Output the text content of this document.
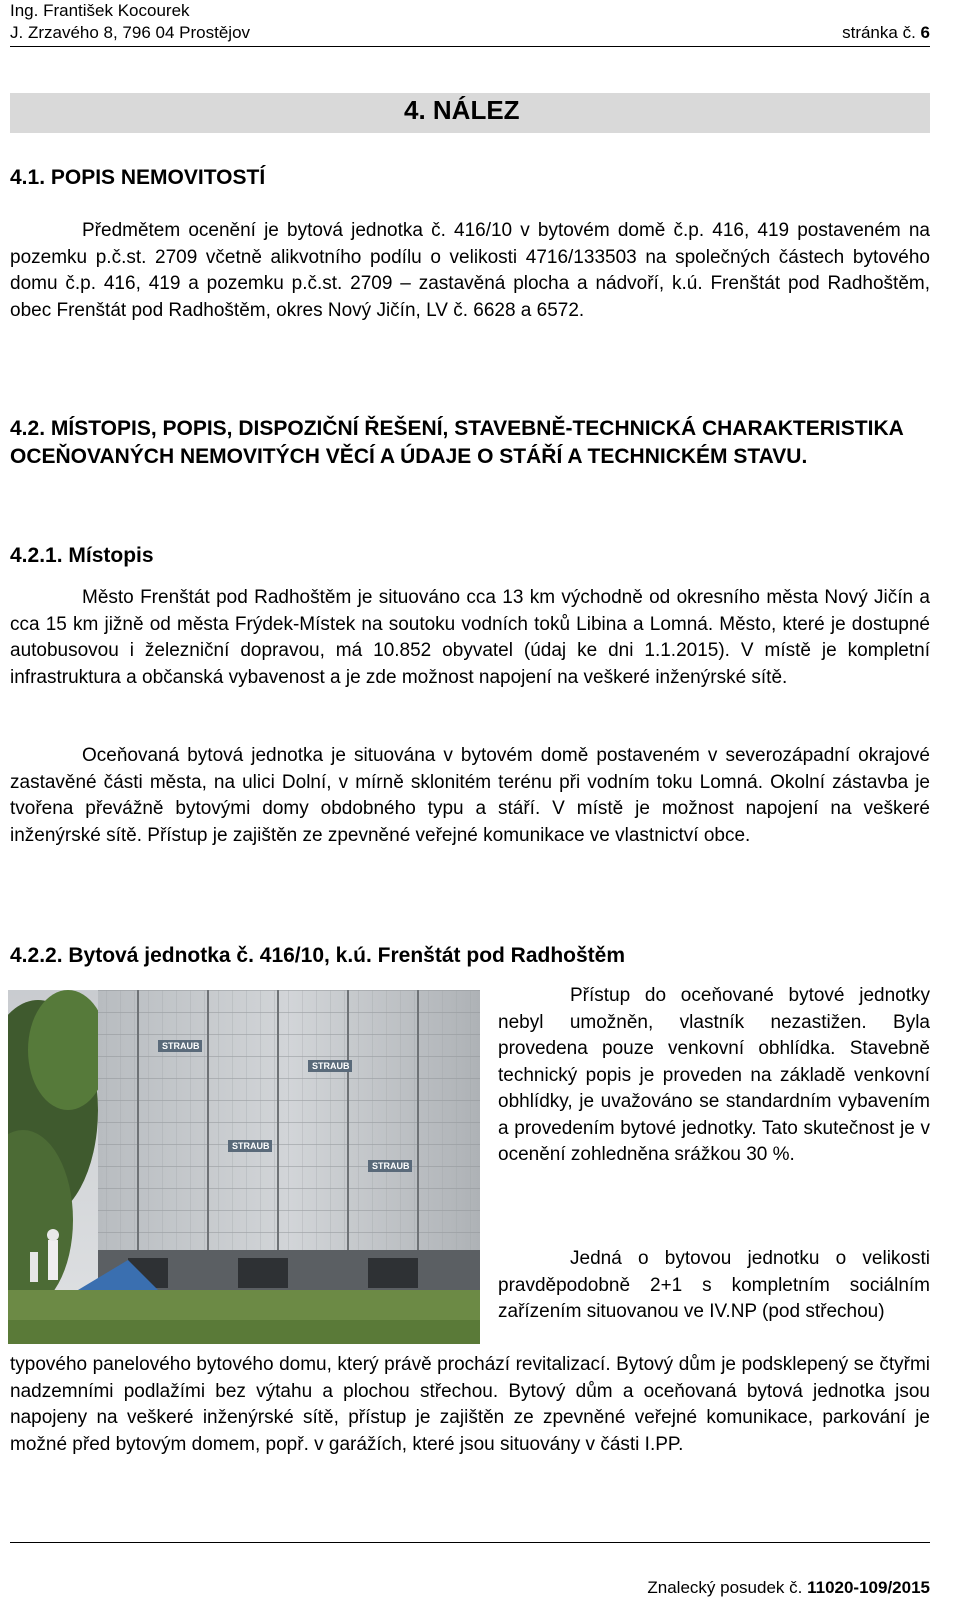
Ing. František Kocourek
J. Zrzavého 8, 796 04 Prostějov	stránka č. 6
4. NÁLEZ
4.1. POPIS NEMOVITOSTÍ
Předmětem ocenění je bytová jednotka č. 416/10 v bytovém domě č.p. 416, 419 postaveném na pozemku p.č.st. 2709 včetně alikvotního podílu o velikosti 4716/133503 na společných částech bytového domu č.p. 416, 419 a pozemku p.č.st. 2709 – zastavěná plocha a nádvoří, k.ú. Frenštát pod Radhoštěm, obec Frenštát pod Radhoštěm, okres Nový Jičín, LV č. 6628 a 6572.
4.2. MÍSTOPIS, POPIS, DISPOZIČNÍ ŘEŠENÍ, STAVEBNĚ-TECHNICKÁ CHARAKTERISTIKA OCEŇOVANÝCH NEMOVITÝCH VĚCÍ A ÚDAJE O STÁŘÍ A TECHNICKÉM STAVU.
4.2.1. Místopis
Město Frenštát pod Radhoštěm je situováno cca 13 km východně od okresního města Nový Jičín a cca 15 km jižně od města Frýdek-Místek na soutoku vodních toků Libina a Lomná. Město, které je dostupné autobusovou i železniční dopravou, má 10.852 obyvatel (údaj ke dni 1.1.2015). V místě je kompletní infrastruktura a občanská vybavenost a je zde možnost napojení na veškeré inženýrské sítě.
Oceňovaná bytová jednotka je situována v bytovém domě postaveném v severozápadní okrajové zastavěné části města, na ulici Dolní, v mírně sklonitém terénu při vodním toku Lomná. Okolní zástavba je tvořena převážně bytovými domy obdobného typu a stáří. V místě je možnost napojení na veškeré inženýrské sítě. Přístup je zajištěn ze zpevněné veřejné komunikace ve vlastnictví obce.
4.2.2. Bytová jednotka č. 416/10, k.ú. Frenštát pod Radhoštěm
STRAUB
STRAUB
STRAUB
STRAUB
Přístup do oceňované bytové jednotky nebyl umožněn, vlastník nezastižen. Byla provedena pouze venkovní obhlídka. Stavebně technický popis je proveden na základě venkovní obhlídky, je uvažováno se standardním vybavením a provedením bytové jednotky. Tato skutečnost je v ocenění zohledněna srážkou 30 %.
Jedná o bytovou jednotku o velikosti pravděpodobně 2+1 s kompletním sociálním zařízením situovanou ve IV.NP (pod střechou)
typového panelového bytového domu, který právě prochází revitalizací. Bytový dům je podsklepený se čtyřmi nadzemními podlažími bez výtahu a plochou střechou. Bytový dům a oceňovaná bytová jednotka jsou napojeny na veškeré inženýrské sítě, přístup je zajištěn ze zpevněné veřejné komunikace, parkování je možné před bytovým domem, popř. v garážích, které jsou situovány v části I.PP.
Znalecký posudek č. 11020-109/2015
